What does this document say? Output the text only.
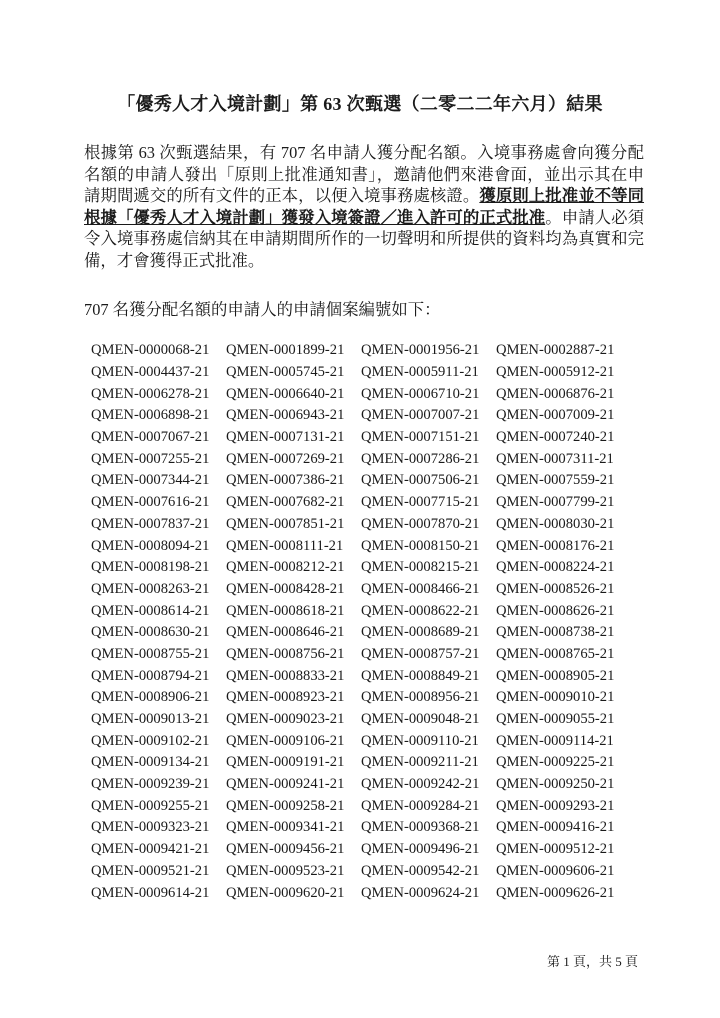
「優秀人才入境計劃」第 63 次甄選（二零二二年六月）結果
根據第 63 次甄選結果，有 707 名申請人獲分配名額。入境事務處會向獲分配名額的申請人發出「原則上批准通知書」，邀請他們來港會面，並出示其在申請期間遞交的所有文件的正本，以便入境事務處核證。獲原則上批准並不等同根據「優秀人才入境計劃」獲發入境簽證／進入許可的正式批准。申請人必須令入境事務處信納其在申請期間所作的一切聲明和所提供的資料均為真實和完備，才會獲得正式批准。
707 名獲分配名額的申請人的申請個案編號如下：
QMEN-0000068-21	QMEN-0001899-21	QMEN-0001956-21	QMEN-0002887-21
QMEN-0004437-21	QMEN-0005745-21	QMEN-0005911-21	QMEN-0005912-21
QMEN-0006278-21	QMEN-0006640-21	QMEN-0006710-21	QMEN-0006876-21
QMEN-0006898-21	QMEN-0006943-21	QMEN-0007007-21	QMEN-0007009-21
QMEN-0007067-21	QMEN-0007131-21	QMEN-0007151-21	QMEN-0007240-21
QMEN-0007255-21	QMEN-0007269-21	QMEN-0007286-21	QMEN-0007311-21
QMEN-0007344-21	QMEN-0007386-21	QMEN-0007506-21	QMEN-0007559-21
QMEN-0007616-21	QMEN-0007682-21	QMEN-0007715-21	QMEN-0007799-21
QMEN-0007837-21	QMEN-0007851-21	QMEN-0007870-21	QMEN-0008030-21
QMEN-0008094-21	QMEN-0008111-21	QMEN-0008150-21	QMEN-0008176-21
QMEN-0008198-21	QMEN-0008212-21	QMEN-0008215-21	QMEN-0008224-21
QMEN-0008263-21	QMEN-0008428-21	QMEN-0008466-21	QMEN-0008526-21
QMEN-0008614-21	QMEN-0008618-21	QMEN-0008622-21	QMEN-0008626-21
QMEN-0008630-21	QMEN-0008646-21	QMEN-0008689-21	QMEN-0008738-21
QMEN-0008755-21	QMEN-0008756-21	QMEN-0008757-21	QMEN-0008765-21
QMEN-0008794-21	QMEN-0008833-21	QMEN-0008849-21	QMEN-0008905-21
QMEN-0008906-21	QMEN-0008923-21	QMEN-0008956-21	QMEN-0009010-21
QMEN-0009013-21	QMEN-0009023-21	QMEN-0009048-21	QMEN-0009055-21
QMEN-0009102-21	QMEN-0009106-21	QMEN-0009110-21	QMEN-0009114-21
QMEN-0009134-21	QMEN-0009191-21	QMEN-0009211-21	QMEN-0009225-21
QMEN-0009239-21	QMEN-0009241-21	QMEN-0009242-21	QMEN-0009250-21
QMEN-0009255-21	QMEN-0009258-21	QMEN-0009284-21	QMEN-0009293-21
QMEN-0009323-21	QMEN-0009341-21	QMEN-0009368-21	QMEN-0009416-21
QMEN-0009421-21	QMEN-0009456-21	QMEN-0009496-21	QMEN-0009512-21
QMEN-0009521-21	QMEN-0009523-21	QMEN-0009542-21	QMEN-0009606-21
QMEN-0009614-21	QMEN-0009620-21	QMEN-0009624-21	QMEN-0009626-21
第 1 頁，共 5 頁
